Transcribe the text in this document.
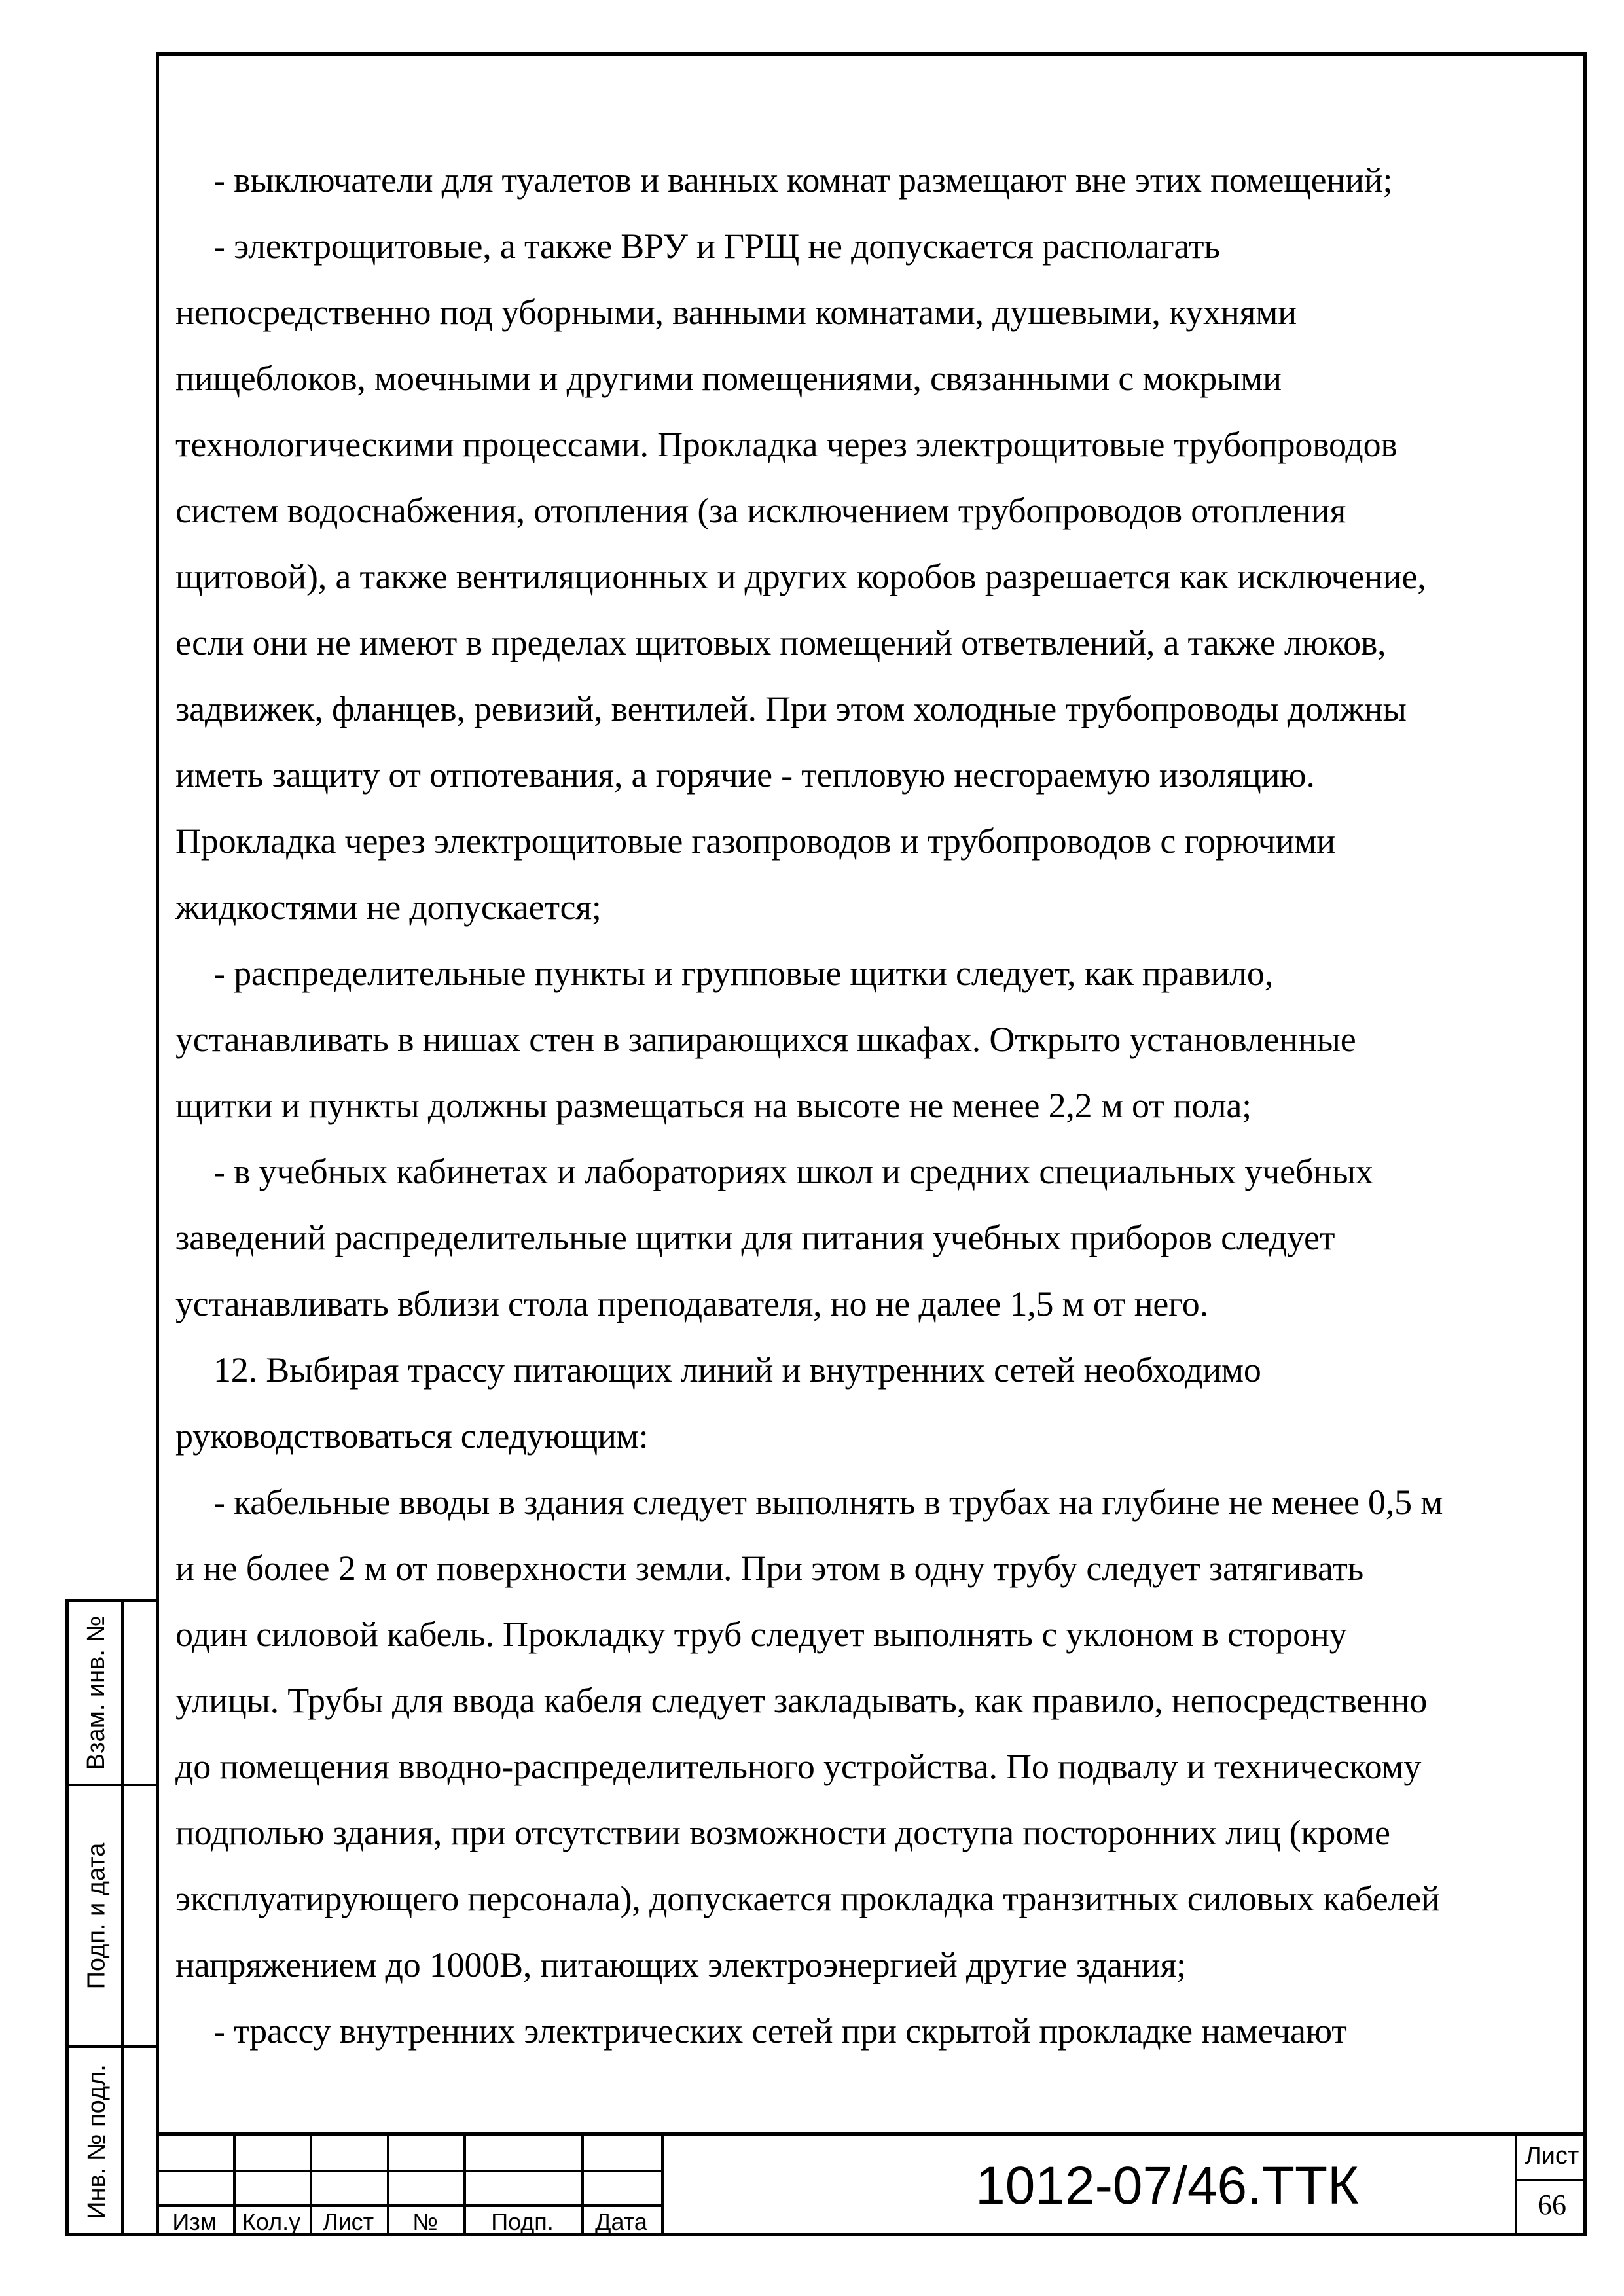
- выключатели для туалетов и ванных комнат размещают вне этих помещений;

- электрощитовые, а также ВРУ и ГРЩ не допускается располагать

непосредственно под уборными, ванными комнатами, душевыми, кухнями
пищеблоков, моечными и другими помещениями, связанными с мокрыми
технологическими процессами. Прокладка через электрощитовые трубопроводов
систем водоснабжения, отопления (за исключением трубопроводов отопления
щитовой), а также вентиляционных и других коробов разрешается как исключение,
если они не имеют в пределах щитовых помещений ответвлений, а также люков,
задвижек, фланцев, ревизий, вентилей. При этом холодные трубопроводы должны
иметь защиту от отпотевания, а горячие - тепловую несгораемую изоляцию.
Прокладка через электрощитовые газопроводов и трубопроводов с горючими
жидкостями не допускается;

- распределительные пункты и групповые щитки следует, как правило,

устанавливать в нишах стен в запирающихся шкафах. Открыто установленные
щитки и пункты должны размещаться на высоте не менее 2,2 м от пола;

- в учебных кабинетах и лабораториях школ и средних специальных учебных

заведений распределительные щитки для питания учебных приборов следует
устанавливать вблизи стола преподавателя, но не далее 1,5 м от него.

12. Выбирая трассу питающих линий и внутренних сетей необходимо

руководствоваться следующим:

- кабельные вводы в здания следует выполнять в трубах на глубине не менее 0,5 м

и не более 2 м от поверхности земли. При этом в одну трубу следует затягивать
один силовой кабель. Прокладку труб следует выполнять с уклоном в сторону
улицы. Трубы для ввода кабеля следует закладывать, как правило, непосредственно
до помещения вводно-распределительного устройства. По подвалу и техническому
подполью здания, при отсутствии возможности доступа посторонних лиц (кроме
эксплуатирующего персонала), допускается прокладка транзитных силовых кабелей
напряжением до 1000В, питающих электроэнергией другие здания;

- трассу внутренних электрических сетей при скрытой прокладке намечают

Взам. инв. №
Подп. и дата
Инв. № подл.
Изм	Кол.у Лист	№	Подп.	Дата
1012-07/46.ТТК	Лист
66
